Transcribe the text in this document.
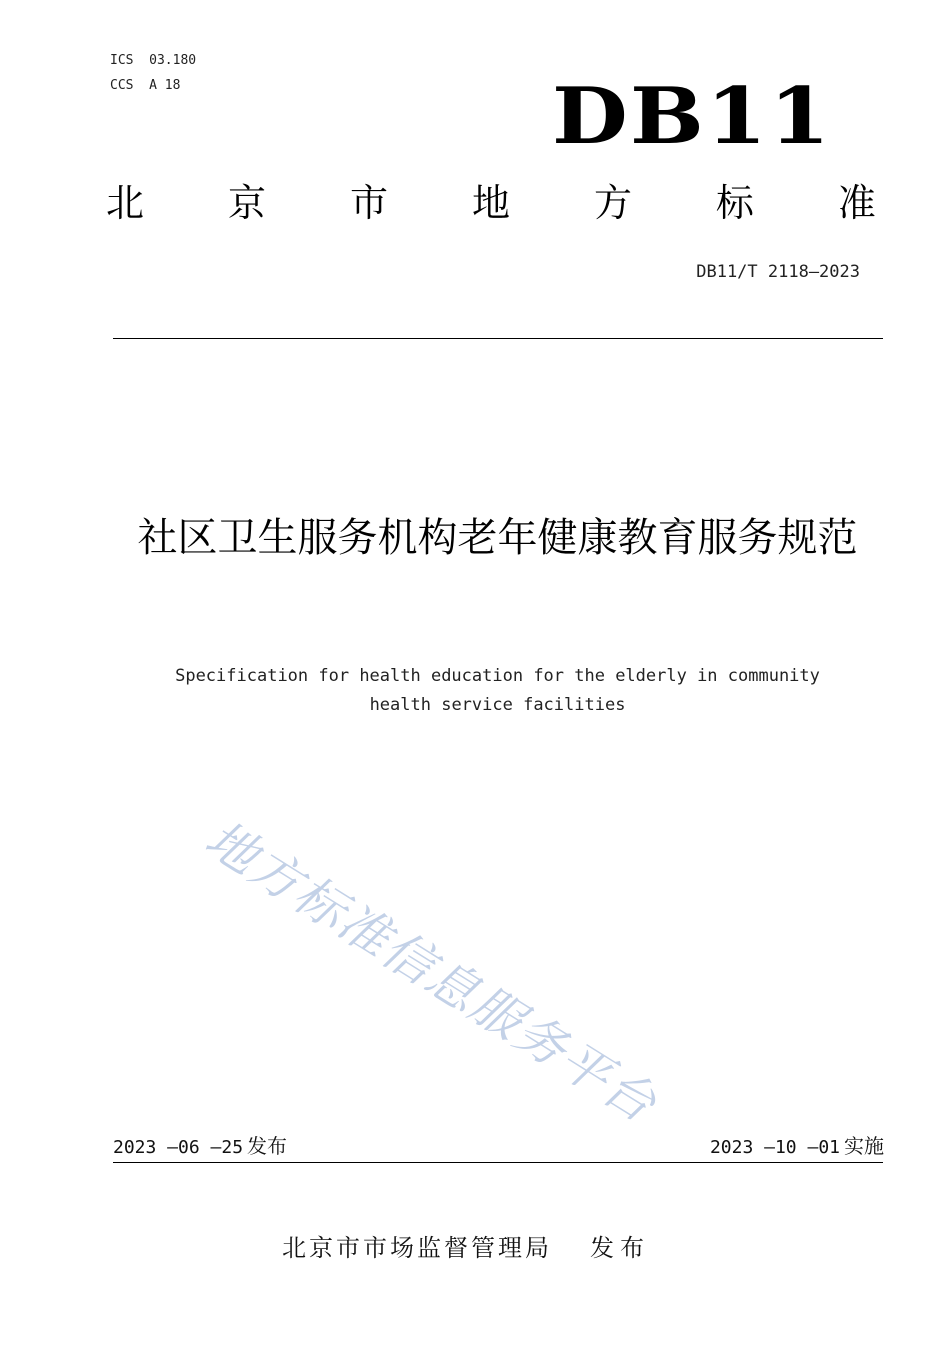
ICS  03.180
CCS  A 18	DB11
北 京 市 地 方 标 准
DB11/T 2118—2023
社区卫生服务机构老年健康教育服务规范
Specification for health education for the elderly in community
health service facilities
地方标准信息服务平台
2023 —06 —25 发布	2023 —10 —01 实施
北京市市场监督管理局 发布
